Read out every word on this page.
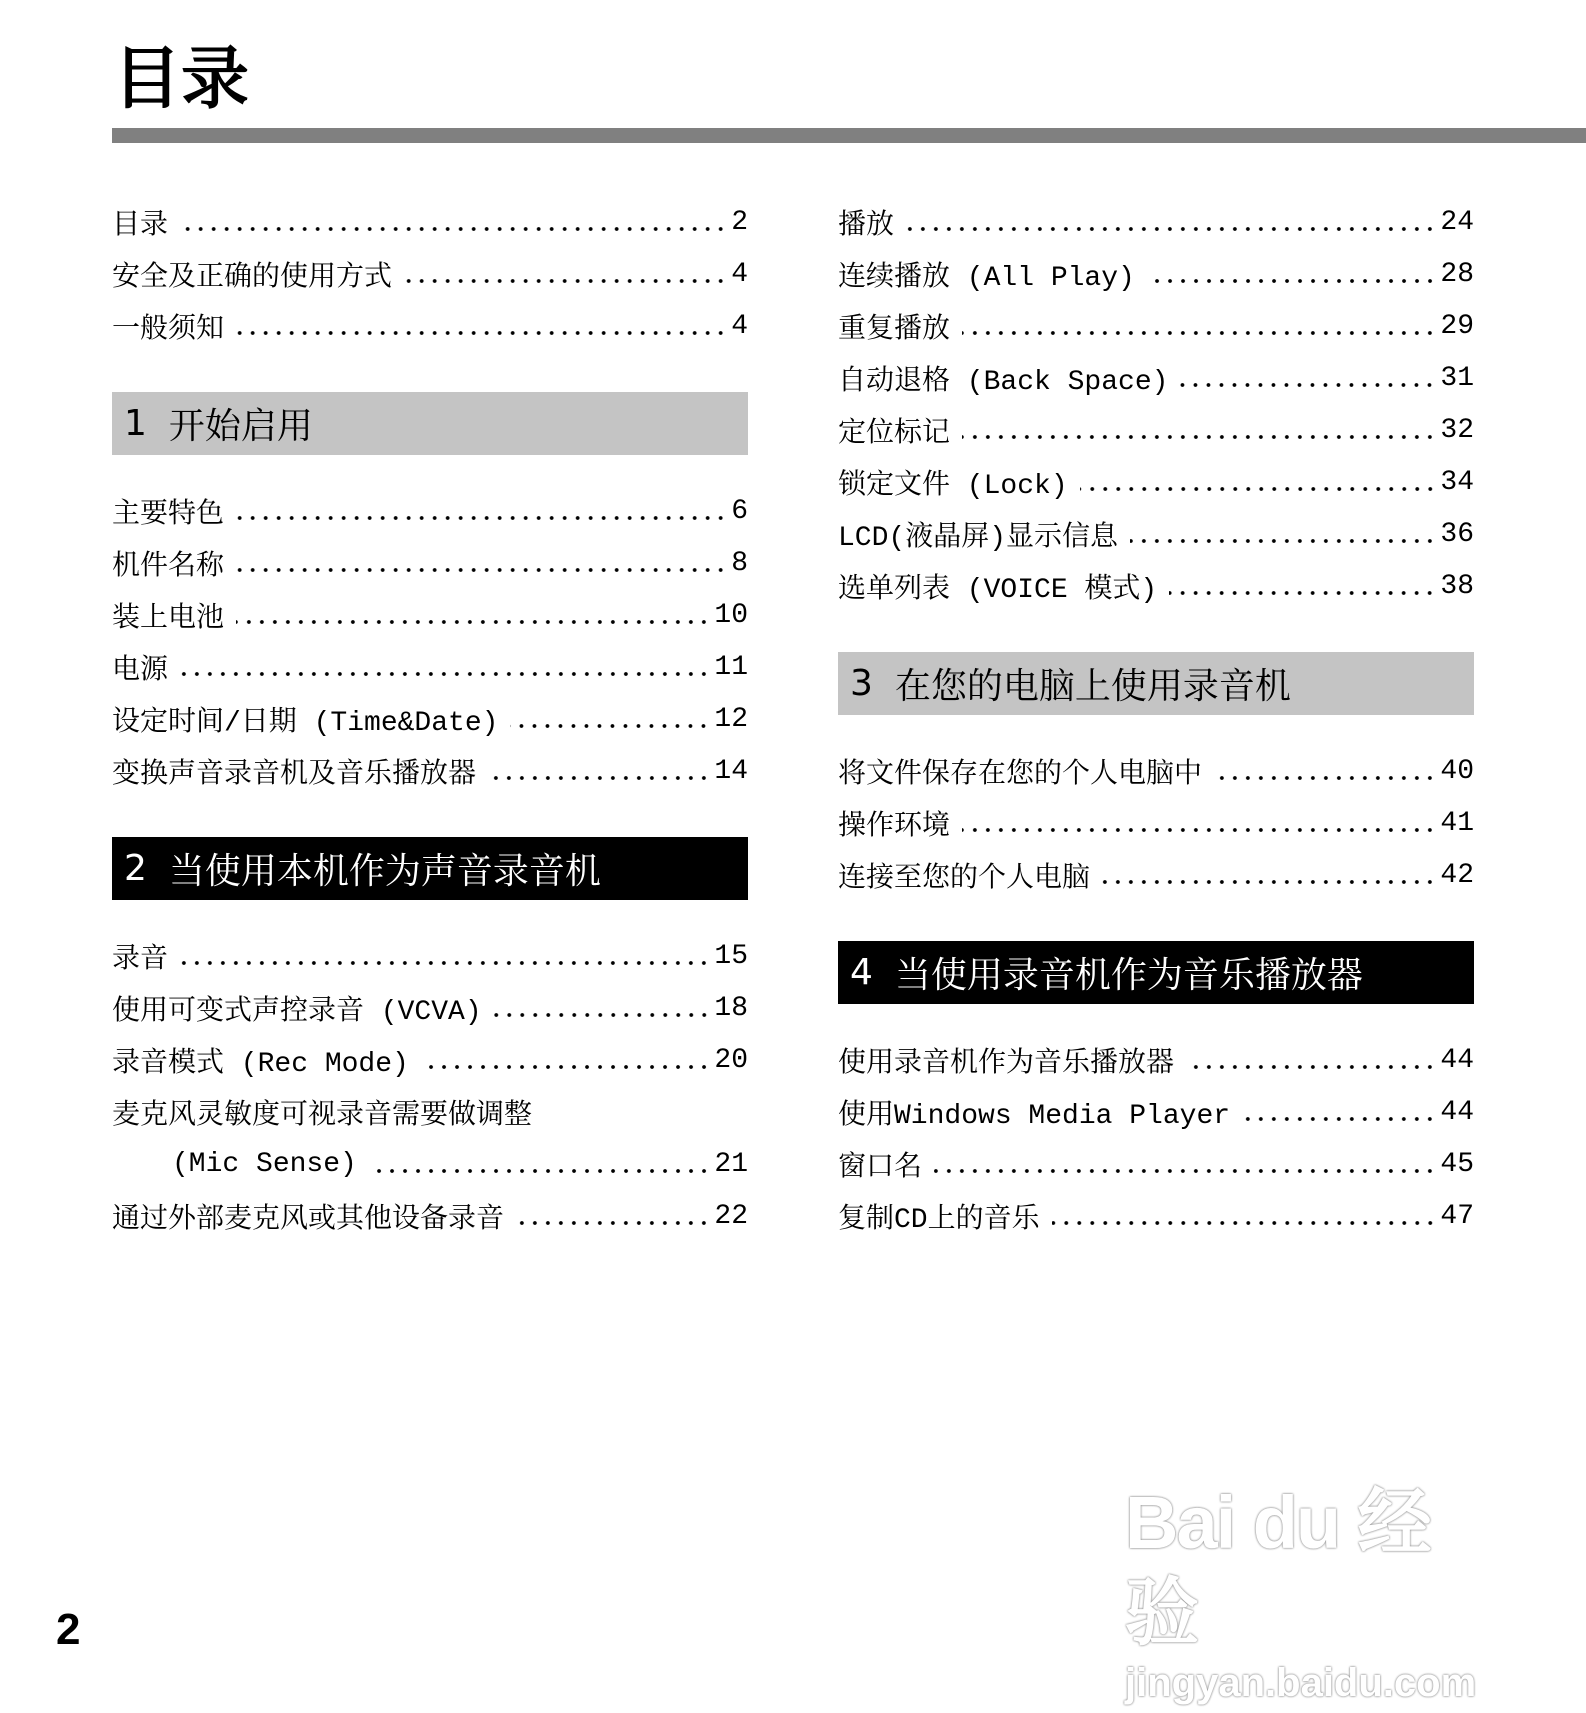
目录
目录	2
安全及正确的使用方式	4
一般须知	4
1 开始启用
主要特色	6
机件名称	8
装上电池	10
电源	11
设定时间/日期 (Time&Date)	12
变换声音录音机及音乐播放器	14
2 当使用本机作为声音录音机
录音	15
使用可变式声控录音 (VCVA)	18
录音模式 (Rec Mode)	20
麦克风灵敏度可视录音需要做调整
(Mic Sense)	21
通过外部麦克风或其他设备录音	22
播放	24
连续播放 (All Play)	28
重复播放	29
自动退格 (Back Space)	31
定位标记	32
锁定文件 (Lock)	34
LCD(液晶屏)显示信息	36
选单列表 (VOICE 模式)	38
3 在您的电脑上使用录音机
将文件保存在您的个人电脑中	40
操作环境	41
连接至您的个人电脑	42
4 当使用录音机作为音乐播放器
使用录音机作为音乐播放器	44
使用Windows Media Player	44
窗口名	45
复制CD上的音乐	47
2
Bai du 经验
jingyan.baidu.com
